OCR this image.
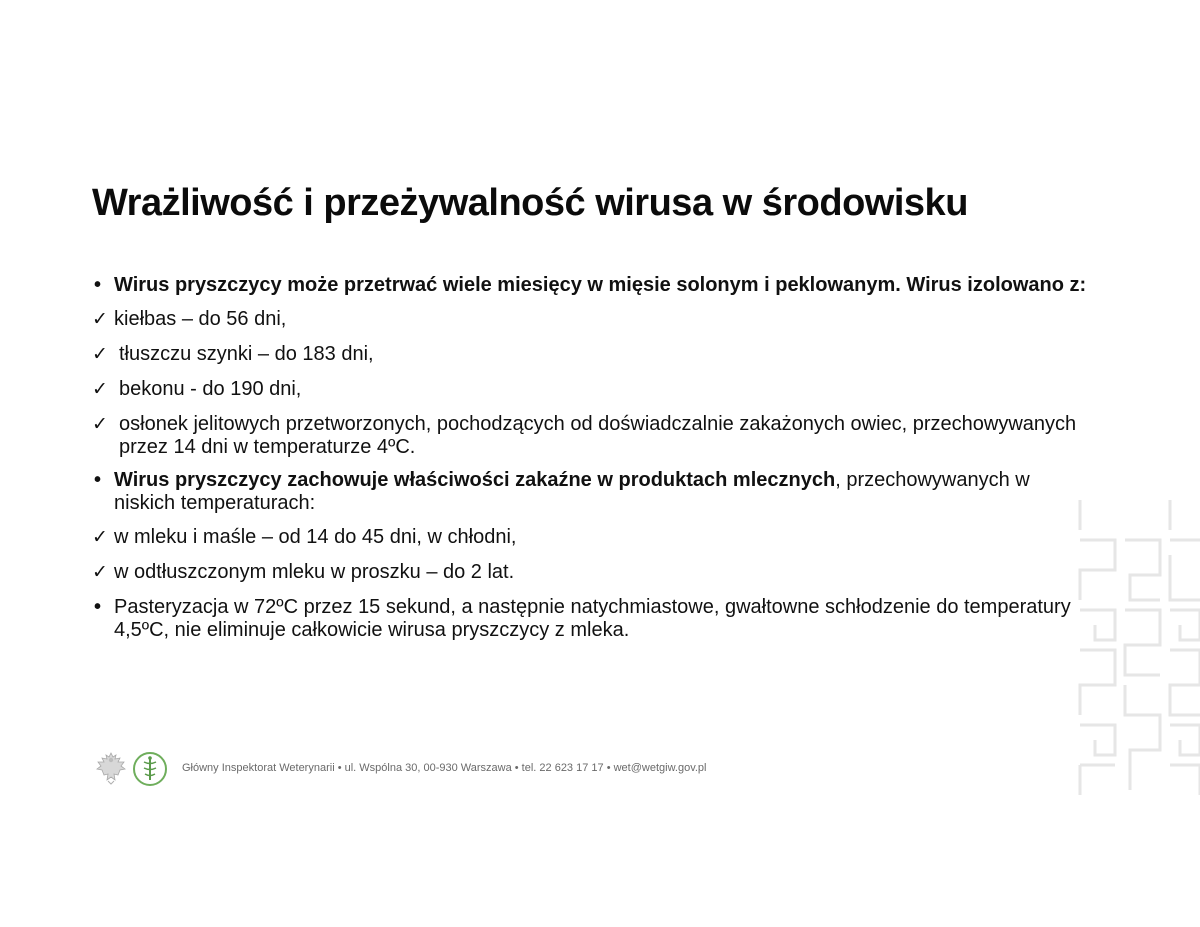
Wrażliwość i przeżywalność wirusa w środowisku
• Wirus pryszczycy może przetrwać wiele miesięcy w mięsie solonym i peklowanym. Wirus izolowano z:
✓ kiełbas – do 56 dni,
✓ tłuszczu szynki – do 183 dni,
✓ bekonu - do 190 dni,
✓ osłonek jelitowych przetworzonych, pochodzących od doświadczalnie zakażonych owiec, przechowywanych przez 14 dni w temperaturze 4ºC.
• Wirus pryszczycy zachowuje właściwości zakaźne w produktach mlecznych, przechowywanych w niskich temperaturach:
✓ w mleku i maśle – od 14 do 45 dni, w chłodni,
✓ w odtłuszczonym mleku w proszku – do 2 lat.
• Pasteryzacja w 72ºC przez 15 sekund, a następnie natychmiastowe, gwałtowne schłodzenie do temperatury 4,5ºC, nie eliminuje całkowicie wirusa pryszczycy z mleka.
Główny Inspektorat Weterynarii • ul. Wspólna 30, 00-930 Warszawa • tel. 22 623 17 17 • wet@wetgiw.gov.pl
